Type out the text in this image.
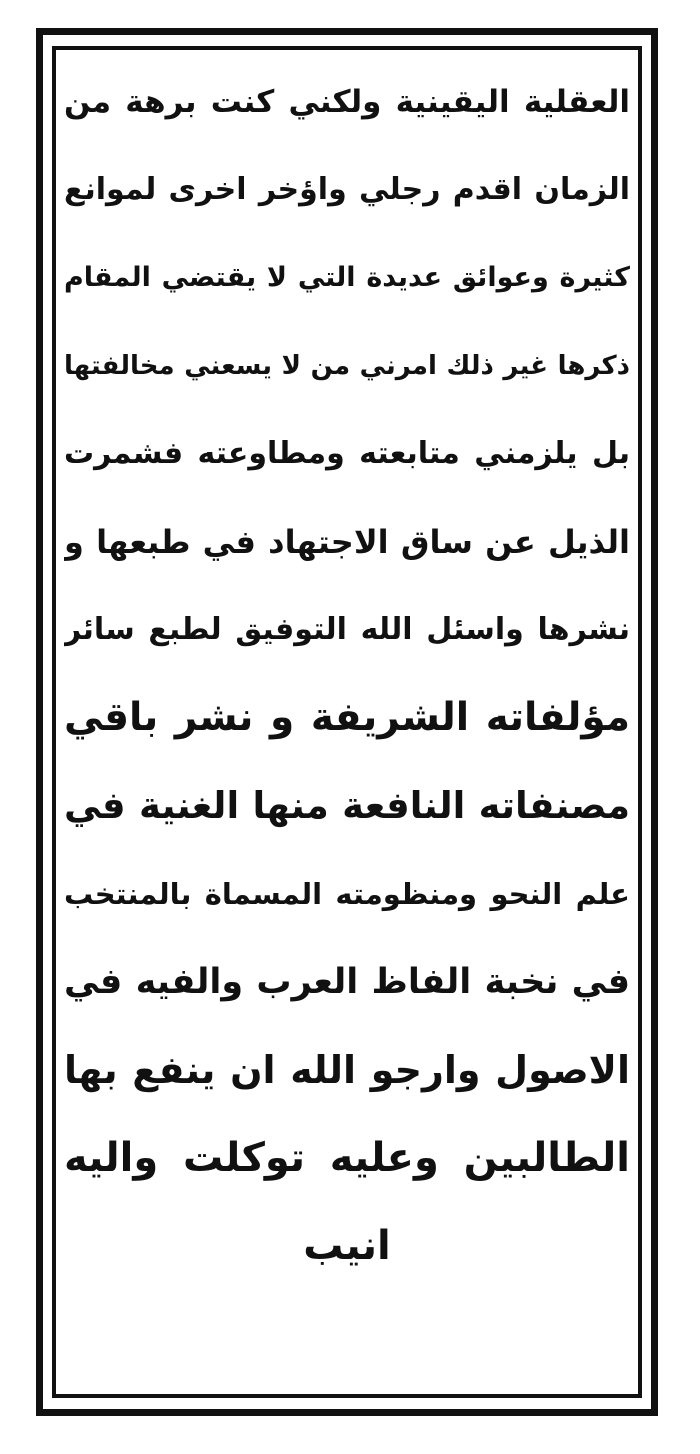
العقلية اليقينية ولكني كنت برهة من
الزمان اقدم رجلي واؤخر اخرى لموانع
كثيرة وعوائق عديدة التي لا يقتضي المقام
ذكرها غير ذلك امرني من لا يسعني مخالفتها
بل يلزمني متابعته ومطاوعته فشمرت
الذيل عن ساق الاجتهاد في طبعها و
نشرها واسئل الله التوفيق لطبع سائر
مؤلفاته الشريفة و نشر باقي
مصنفاته النافعة منها الغنية في
علم النحو ومنظومته المسماة بالمنتخب
في نخبة الفاظ العرب والفيه في
الاصول وارجو الله ان ينفع بها
الطالبين وعليه توكلت واليه
انيب
